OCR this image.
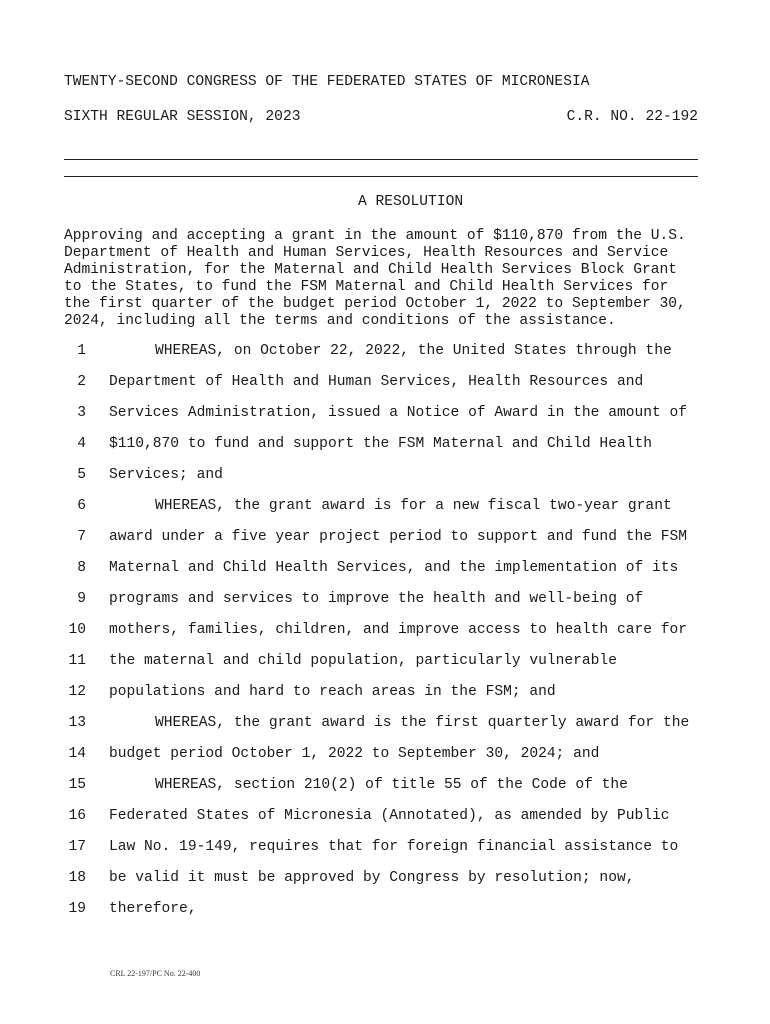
TWENTY-SECOND CONGRESS OF THE FEDERATED STATES OF MICRONESIA
SIXTH REGULAR SESSION, 2023	C.R. NO. 22-192
A RESOLUTION
Approving and accepting a grant in the amount of $110,870 from the U.S.
Department of Health and Human Services, Health Resources and Service
Administration, for the Maternal and Child Health Services Block Grant
to the States, to fund the FSM Maternal and Child Health Services for
the first quarter of the budget period October 1, 2022 to September 30,
2024, including all the terms and conditions of the assistance.
1	WHEREAS, on October 22, 2022, the United States through the
2 Department of Health and Human Services, Health Resources and
3 Services Administration, issued a Notice of Award in the amount of
4 $110,870 to fund and support the FSM Maternal and Child Health
5 Services; and
6	WHEREAS, the grant award is for a new fiscal two-year grant
7 award under a five year project period to support and fund the FSM
8 Maternal and Child Health Services, and the implementation of its
9 programs and services to improve the health and well-being of
10 mothers, families, children, and improve access to health care for
11 the maternal and child population, particularly vulnerable
12 populations and hard to reach areas in the FSM; and
13	WHEREAS, the grant award is the first quarterly award for the
14 budget period October 1, 2022 to September 30, 2024; and
15	WHEREAS, section 210(2) of title 55 of the Code of the
16 Federated States of Micronesia (Annotated), as amended by Public
17 Law No. 19-149, requires that for foreign financial assistance to
18 be valid it must be approved by Congress by resolution; now,
19 therefore,
CRL 22-197/PC No. 22-400
